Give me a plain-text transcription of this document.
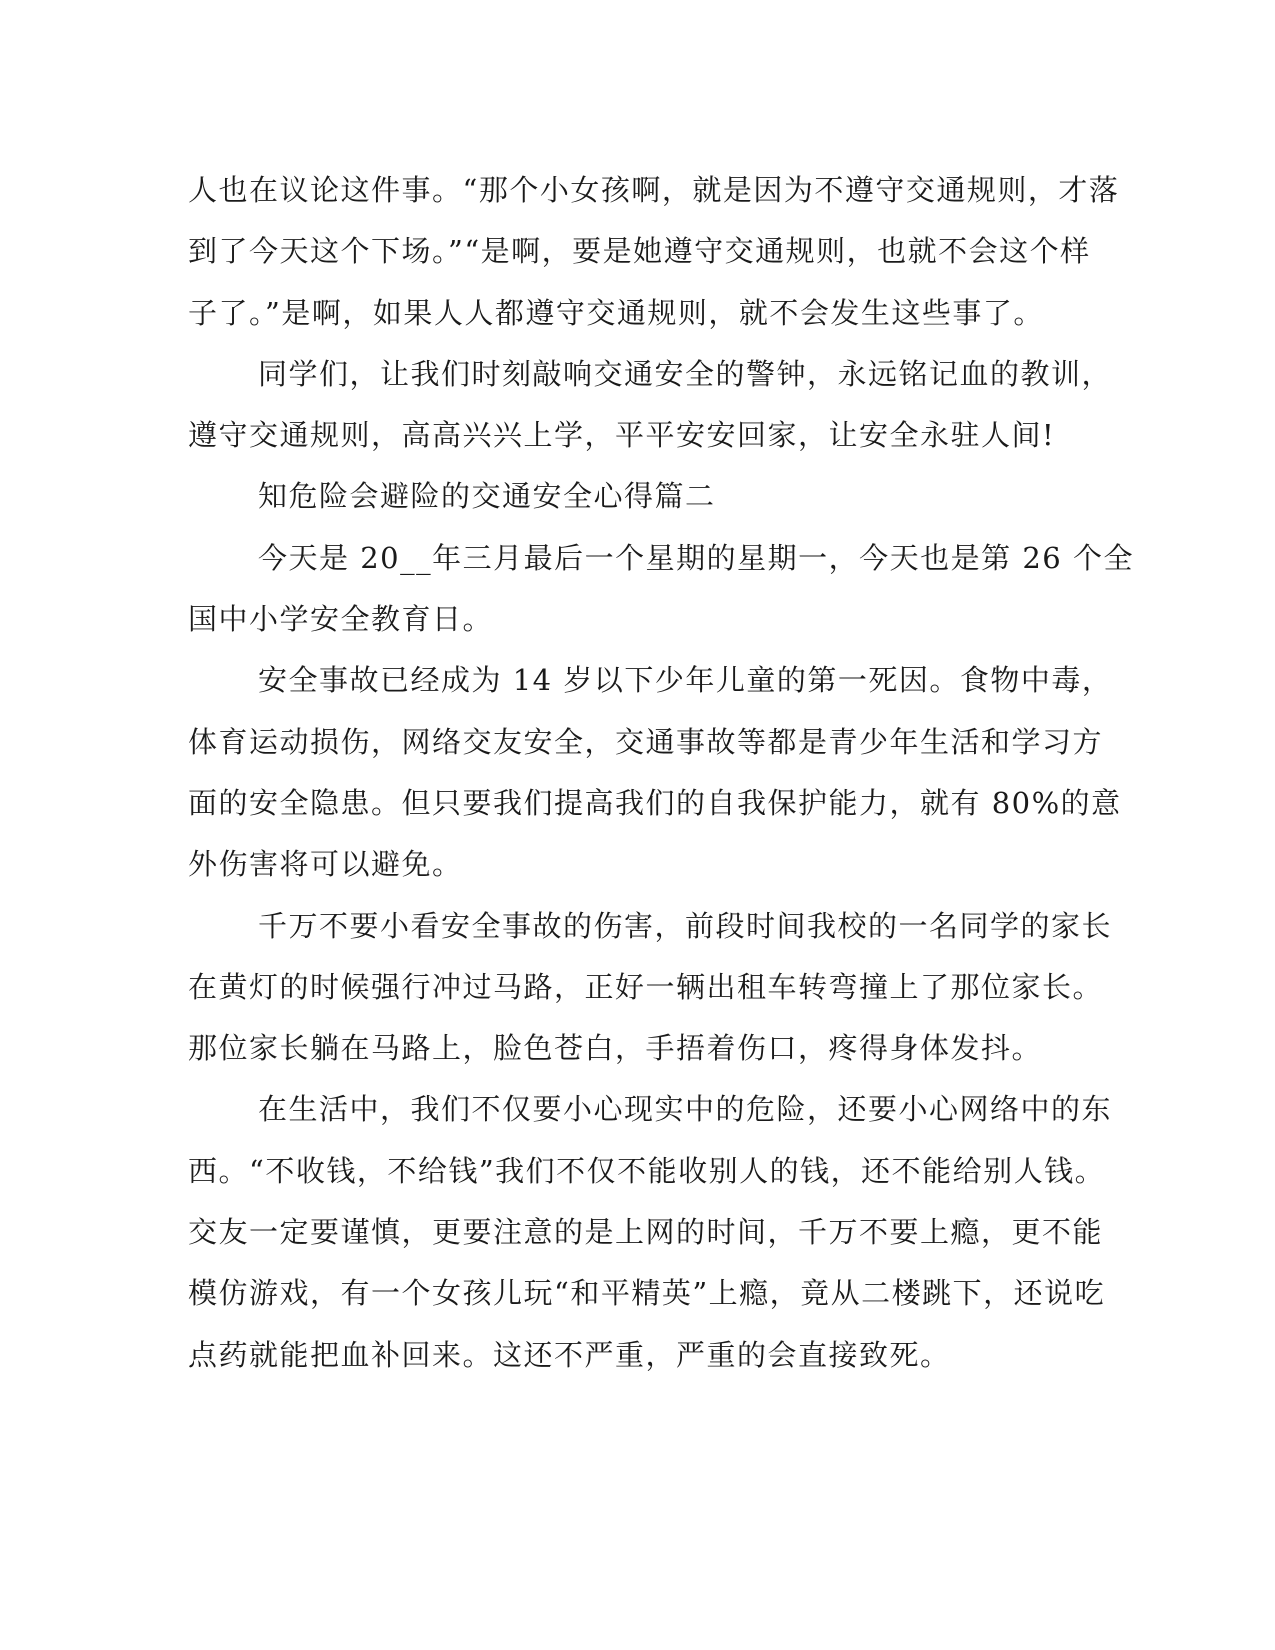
人也在议论这件事。“那个小女孩啊，就是因为不遵守交通规则，才落
到了今天这个下场。”“是啊，要是她遵守交通规则，也就不会这个样
子了。”是啊，如果人人都遵守交通规则，就不会发生这些事了。
同学们，让我们时刻敲响交通安全的警钟，永远铭记血的教训，
遵守交通规则，高高兴兴上学，平平安安回家，让安全永驻人间!
知危险会避险的交通安全心得篇二
今天是 20__年三月最后一个星期的星期一，今天也是第 26 个全
国中小学安全教育日。
安全事故已经成为 14 岁以下少年儿童的第一死因。食物中毒，
体育运动损伤，网络交友安全，交通事故等都是青少年生活和学习方
面的安全隐患。但只要我们提高我们的自我保护能力，就有 80%的意
外伤害将可以避免。
千万不要小看安全事故的伤害，前段时间我校的一名同学的家长
在黄灯的时候强行冲过马路，正好一辆出租车转弯撞上了那位家长。
那位家长躺在马路上，脸色苍白，手捂着伤口，疼得身体发抖。
在生活中，我们不仅要小心现实中的危险，还要小心网络中的东
西。“不收钱，不给钱”我们不仅不能收别人的钱，还不能给别人钱。
交友一定要谨慎，更要注意的是上网的时间，千万不要上瘾，更不能
模仿游戏，有一个女孩儿玩“和平精英”上瘾，竟从二楼跳下，还说吃
点药就能把血补回来。这还不严重，严重的会直接致死。
